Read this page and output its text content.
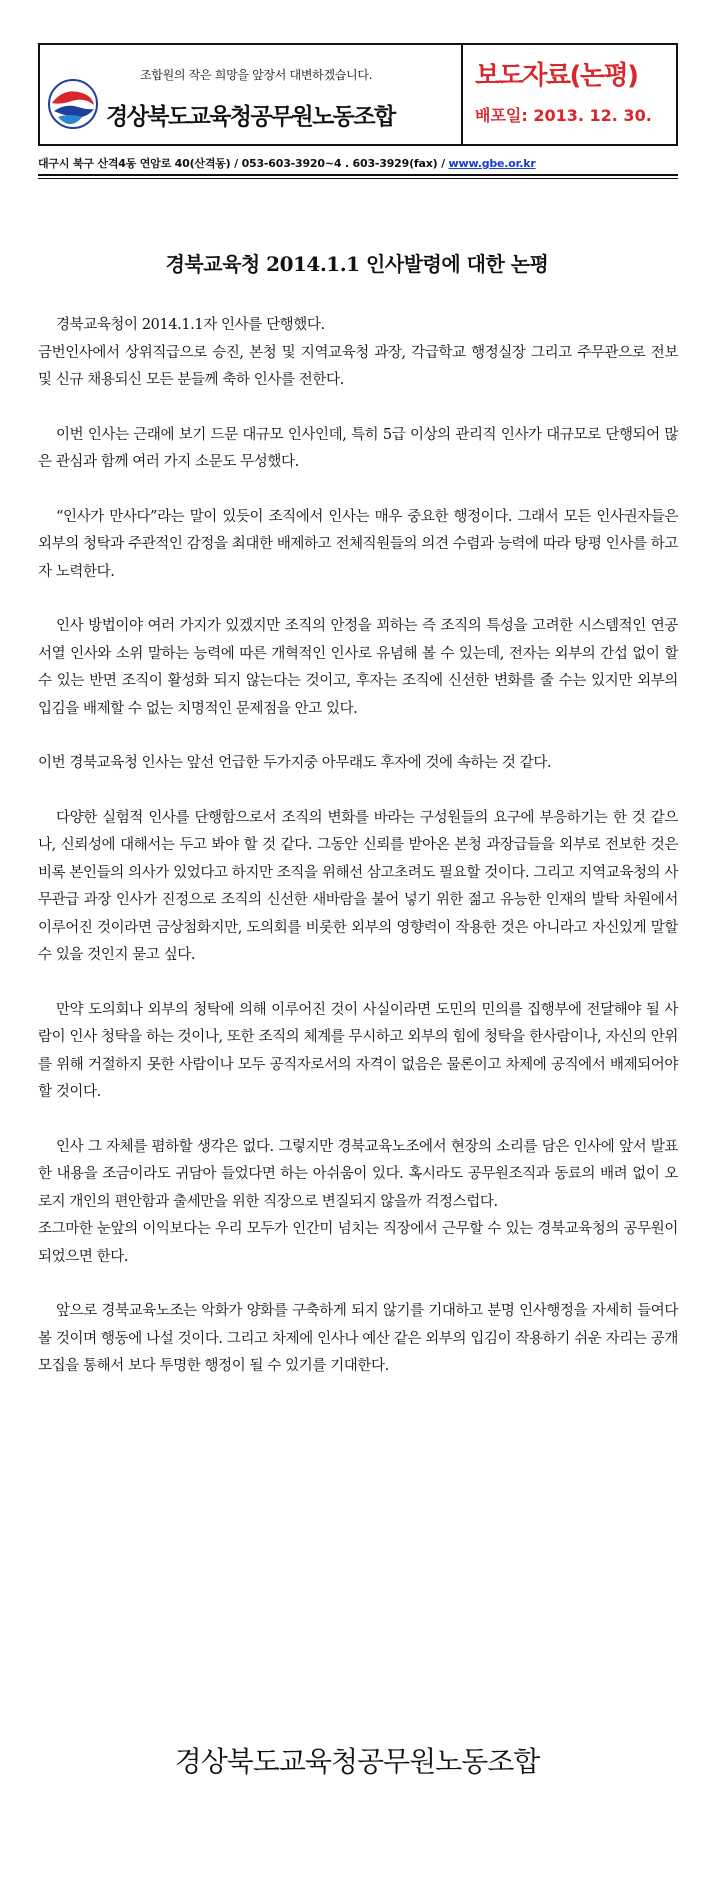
조합원의 작은 희망을 앞장서 대변하겠습니다.
경상북도교육청공무원노동조합
보도자료(논평)
배포일: 2013. 12. 30.
대구시 북구 산격4동 연암로 40(산격동) / 053-603-3920~4 . 603-3929(fax) / www.gbe.or.kr
경북교육청 2014.1.1 인사발령에 대한 논평

경북교육청이 2014.1.1자 인사를 단행했다.

금번인사에서 상위직급으로 승진, 본청 및 지역교육청 과장, 각급학교 행정실장 그리고 주무관으로 전보 및 신규 채용되신 모든 분들께 축하 인사를 전한다.

이번 인사는 근래에 보기 드문 대규모 인사인데, 특히 5급 이상의 관리직 인사가 대규모로 단행되어 많은 관심과 함께 여러 가지 소문도 무성했다.

“인사가 만사다”라는 말이 있듯이 조직에서 인사는 매우 중요한 행정이다. 그래서 모든 인사권자들은 외부의 청탁과 주관적인 감정을 최대한 배제하고 전체직원들의 의견 수렴과 능력에 따라 탕평 인사를 하고자 노력한다.

인사 방법이야 여러 가지가 있겠지만 조직의 안정을 꾀하는 즉 조직의 특성을 고려한 시스템적인 연공서열 인사와 소위 말하는 능력에 따른 개혁적인 인사로 유념해 볼 수 있는데, 전자는 외부의 간섭 없이 할 수 있는 반면 조직이 활성화 되지 않는다는 것이고, 후자는 조직에 신선한 변화를 줄 수는 있지만 외부의 입김을 배제할 수 없는 치명적인 문제점을 안고 있다.

이번 경북교육청 인사는 앞선 언급한 두가지중 아무래도 후자에 것에 속하는 것 같다.

다양한 실험적 인사를 단행함으로서 조직의 변화를 바라는 구성원들의 요구에 부응하기는 한 것 같으나, 신뢰성에 대해서는 두고 봐야 할 것 같다. 그동안 신뢰를 받아온 본청 과장급들을 외부로 전보한 것은 비록 본인들의 의사가 있었다고 하지만 조직을 위해선 삼고초려도 필요할 것이다. 그리고 지역교육청의 사무관급 과장 인사가 진정으로 조직의 신선한 새바람을 불어 넣기 위한 젊고 유능한 인재의 발탁 차원에서 이루어진 것이라면 금상첨화지만, 도의회를 비롯한 외부의 영향력이 작용한 것은 아니라고 자신있게 말할 수 있을 것인지 묻고 싶다.

만약 도의회나 외부의 청탁에 의해 이루어진 것이 사실이라면 도민의 민의를 집행부에 전달해야 될 사람이 인사 청탁을 하는 것이나, 또한 조직의 체계를 무시하고 외부의 힘에 청탁을 한사람이나, 자신의 안위를 위해 거절하지 못한 사람이나 모두 공직자로서의 자격이 없음은 물론이고 차제에 공직에서 배제되어야 할 것이다.

인사 그 자체를 폄하할 생각은 없다. 그렇지만 경북교육노조에서 현장의 소리를 담은 인사에 앞서 발표한 내용을 조금이라도 귀담아 들었다면 하는 아쉬움이 있다. 혹시라도 공무원조직과 동료의 배려 없이 오로지 개인의 편안함과 출세만을 위한 직장으로 변질되지 않을까 걱정스럽다.

조그마한 눈앞의 이익보다는 우리 모두가 인간미 넘치는 직장에서 근무할 수 있는 경북교육청의 공무원이 되었으면 한다.

앞으로 경북교육노조는 악화가 양화를 구축하게 되지 않기를 기대하고 분명 인사행정을 자세히 들여다 볼 것이며 행동에 나설 것이다. 그리고 차제에 인사나 예산 같은 외부의 입김이 작용하기 쉬운 자리는 공개모집을 통해서 보다 투명한 행정이 될 수 있기를 기대한다.

경상북도교육청공무원노동조합
